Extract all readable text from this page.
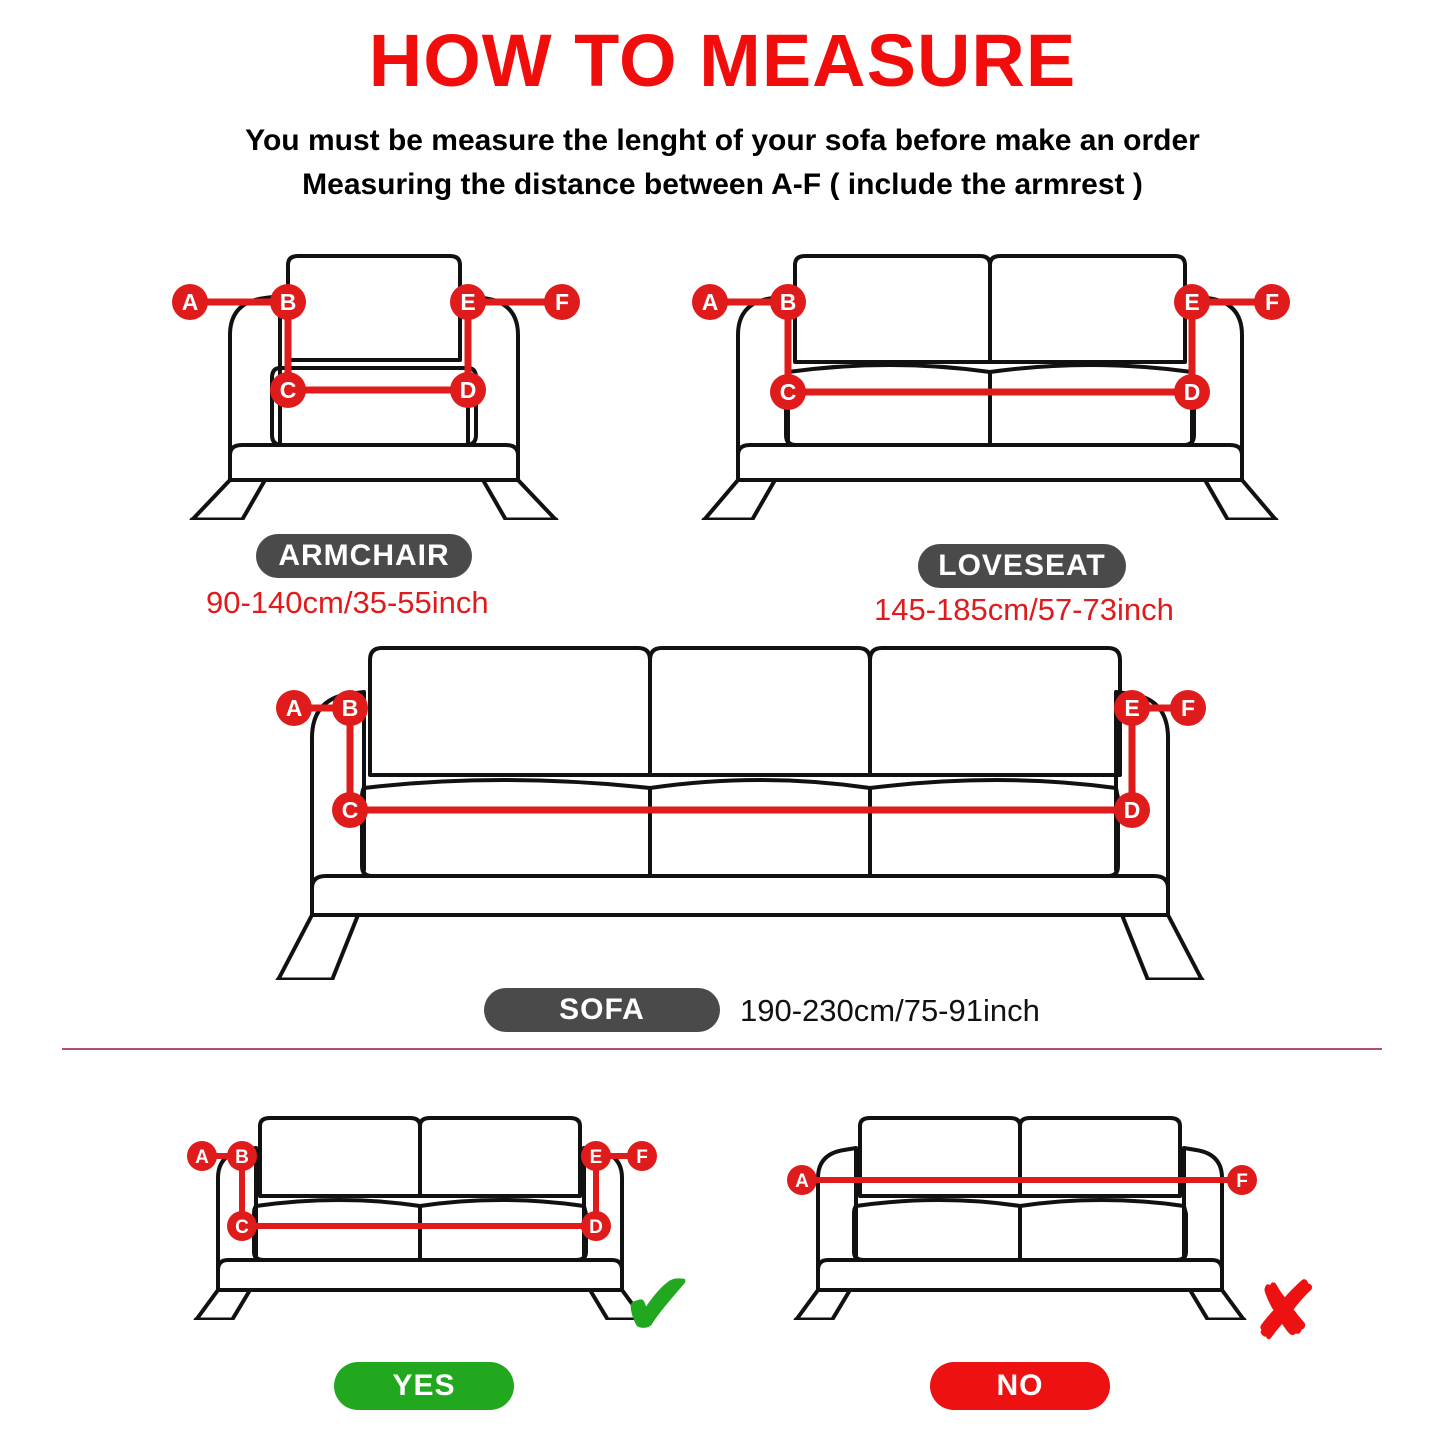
HOW TO MEASURE
You must be measure the lenght of your sofa before make an order
Measuring the distance between A-F ( include the armrest )
A	B
C	D
E	F
ARMCHAIR
90-140cm/35-55inch
A	B
C	D
E	F
LOVESEAT
145-185cm/57-73inch
A B
C	D
E F
SOFA	190-230cm/75-91inch
A B
C	D
E F
✔
YES
A	F
✘
NO
